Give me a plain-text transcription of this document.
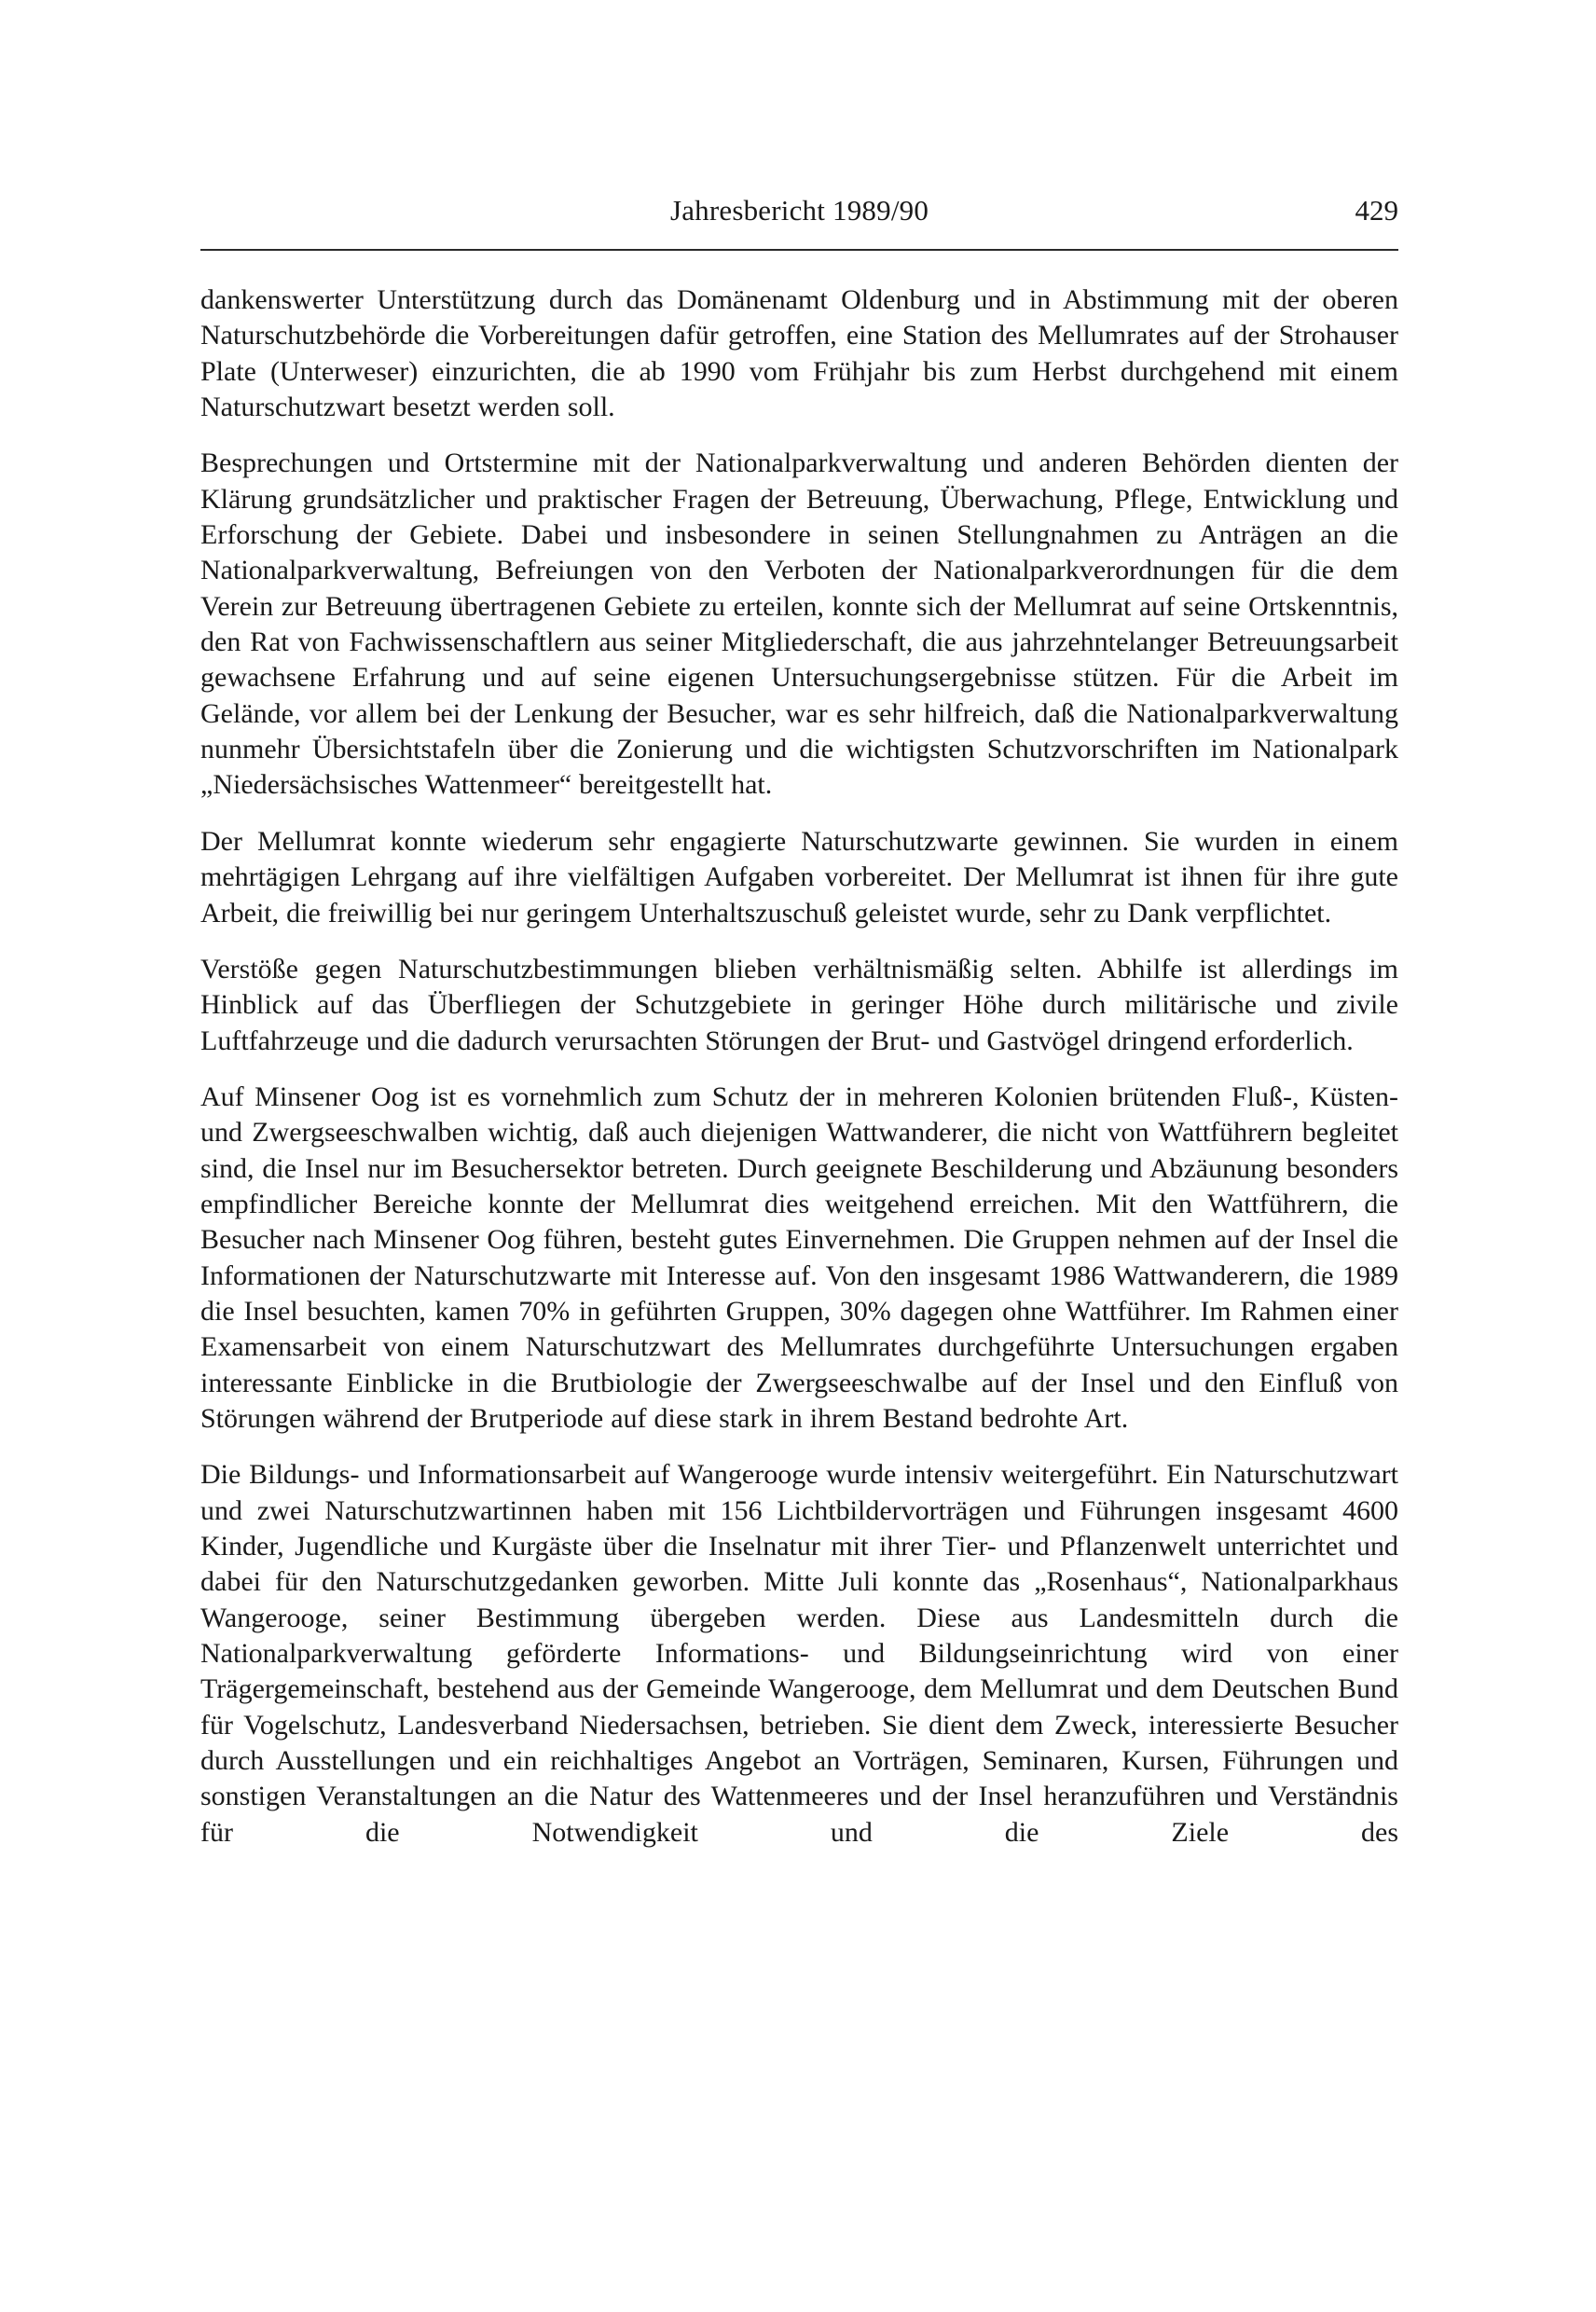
Jahresbericht 1989/90	429

dankenswerter Unterstützung durch das Domänenamt Oldenburg und in Abstimmung mit der oberen Naturschutzbehörde die Vorbereitungen dafür getroffen, eine Station des Mellumrates auf der Strohauser Plate (Unterweser) einzurichten, die ab 1990 vom Frühjahr bis zum Herbst durchgehend mit einem Naturschutzwart besetzt werden soll.

Besprechungen und Ortstermine mit der Nationalparkverwaltung und anderen Behörden dienten der Klärung grundsätzlicher und praktischer Fragen der Betreuung, Überwachung, Pflege, Entwicklung und Erforschung der Gebiete. Dabei und insbesondere in seinen Stellungnahmen zu Anträgen an die Nationalparkverwaltung, Befreiungen von den Verboten der Nationalparkverordnungen für die dem Verein zur Betreuung übertragenen Gebiete zu erteilen, konnte sich der Mellumrat auf seine Ortskenntnis, den Rat von Fachwissenschaftlern aus seiner Mitgliederschaft, die aus jahrzehntelanger Betreuungsarbeit gewachsene Erfahrung und auf seine eigenen Untersuchungsergebnisse stützen. Für die Arbeit im Gelände, vor allem bei der Lenkung der Besucher, war es sehr hilfreich, daß die Nationalparkverwaltung nunmehr Übersichtstafeln über die Zonierung und die wichtigsten Schutzvorschriften im Nationalpark „Niedersächsisches Wattenmeer“ bereitgestellt hat.

Der Mellumrat konnte wiederum sehr engagierte Naturschutzwarte gewinnen. Sie wurden in einem mehrtägigen Lehrgang auf ihre vielfältigen Aufgaben vorbereitet. Der Mellumrat ist ihnen für ihre gute Arbeit, die freiwillig bei nur geringem Unterhaltszuschuß geleistet wurde, sehr zu Dank verpflichtet.

Verstöße gegen Naturschutzbestimmungen blieben verhältnismäßig selten. Abhilfe ist allerdings im Hinblick auf das Überfliegen der Schutzgebiete in geringer Höhe durch militärische und zivile Luftfahrzeuge und die dadurch verursachten Störungen der Brut- und Gastvögel dringend erforderlich.

Auf Minsener Oog ist es vornehmlich zum Schutz der in mehreren Kolonien brütenden Fluß-, Küsten- und Zwergseeschwalben wichtig, daß auch diejenigen Wattwanderer, die nicht von Wattführern begleitet sind, die Insel nur im Besuchersektor betreten. Durch geeignete Beschilderung und Abzäunung besonders empfindlicher Bereiche konnte der Mellumrat dies weitgehend erreichen. Mit den Wattführern, die Besucher nach Minsener Oog führen, besteht gutes Einvernehmen. Die Gruppen nehmen auf der Insel die Informationen der Naturschutzwarte mit Interesse auf. Von den insgesamt 1986 Wattwanderern, die 1989 die Insel besuchten, kamen 70% in geführten Gruppen, 30% dagegen ohne Wattführer. Im Rahmen einer Examensarbeit von einem Naturschutzwart des Mellumrates durchgeführte Untersuchungen ergaben interessante Einblicke in die Brutbiologie der Zwergseeschwalbe auf der Insel und den Einfluß von Störungen während der Brutperiode auf diese stark in ihrem Bestand bedrohte Art.

Die Bildungs- und Informationsarbeit auf Wangerooge wurde intensiv weitergeführt. Ein Naturschutzwart und zwei Naturschutzwartinnen haben mit 156 Lichtbildervorträgen und Führungen insgesamt 4600 Kinder, Jugendliche und Kurgäste über die Inselnatur mit ihrer Tier- und Pflanzenwelt unterrichtet und dabei für den Naturschutzgedanken geworben. Mitte Juli konnte das „Rosenhaus“, Nationalparkhaus Wangerooge, seiner Bestimmung übergeben werden. Diese aus Landesmitteln durch die Nationalparkverwaltung geförderte Informations- und Bildungseinrichtung wird von einer Trägergemeinschaft, bestehend aus der Gemeinde Wangerooge, dem Mellumrat und dem Deutschen Bund für Vogelschutz, Landesverband Niedersachsen, betrieben. Sie dient dem Zweck, interessierte Besucher durch Ausstellungen und ein reichhaltiges Angebot an Vorträgen, Seminaren, Kursen, Führungen und sonstigen Veranstaltungen an die Natur des Wattenmeeres und der Insel heranzuführen und Verständnis für die Notwendigkeit und die Ziele des
